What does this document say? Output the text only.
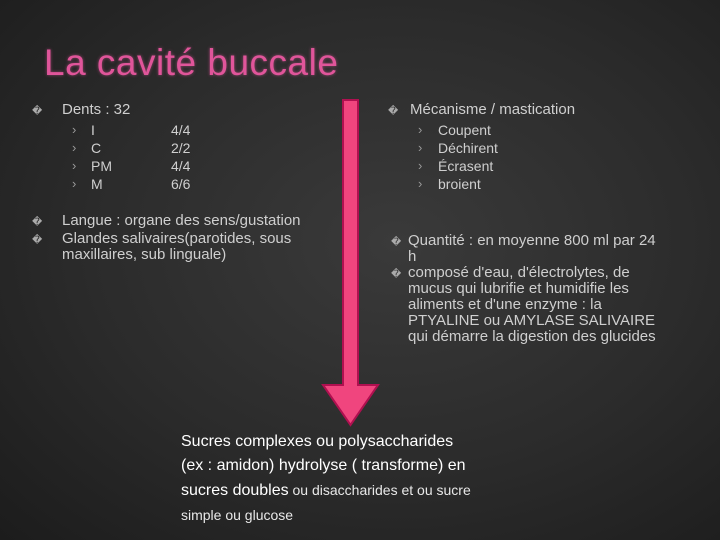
La cavité buccale
� Dents : 32
› I	4/4
› C	2/2
› PM	4/4
› M	6/6
� Langue : organe des sens/gustation
� Glandes salivaires(parotides, sous
maxillaires, sub linguale)
� Mécanisme / mastication
› Coupent
› Déchirent
› Écrasent
› broient
� Quantité : en moyenne 800 ml par 24
h
� composé d'eau, d'électrolytes, de
mucus qui lubrifie et humidifie les
aliments et d'une enzyme : la
PTYALINE ou AMYLASE SALIVAIRE
qui démarre la digestion des glucides
Sucres complexes ou polysaccharides
(ex : amidon) hydrolyse ( transforme) en
sucres doubles ou disaccharides et ou sucre
simple ou glucose
